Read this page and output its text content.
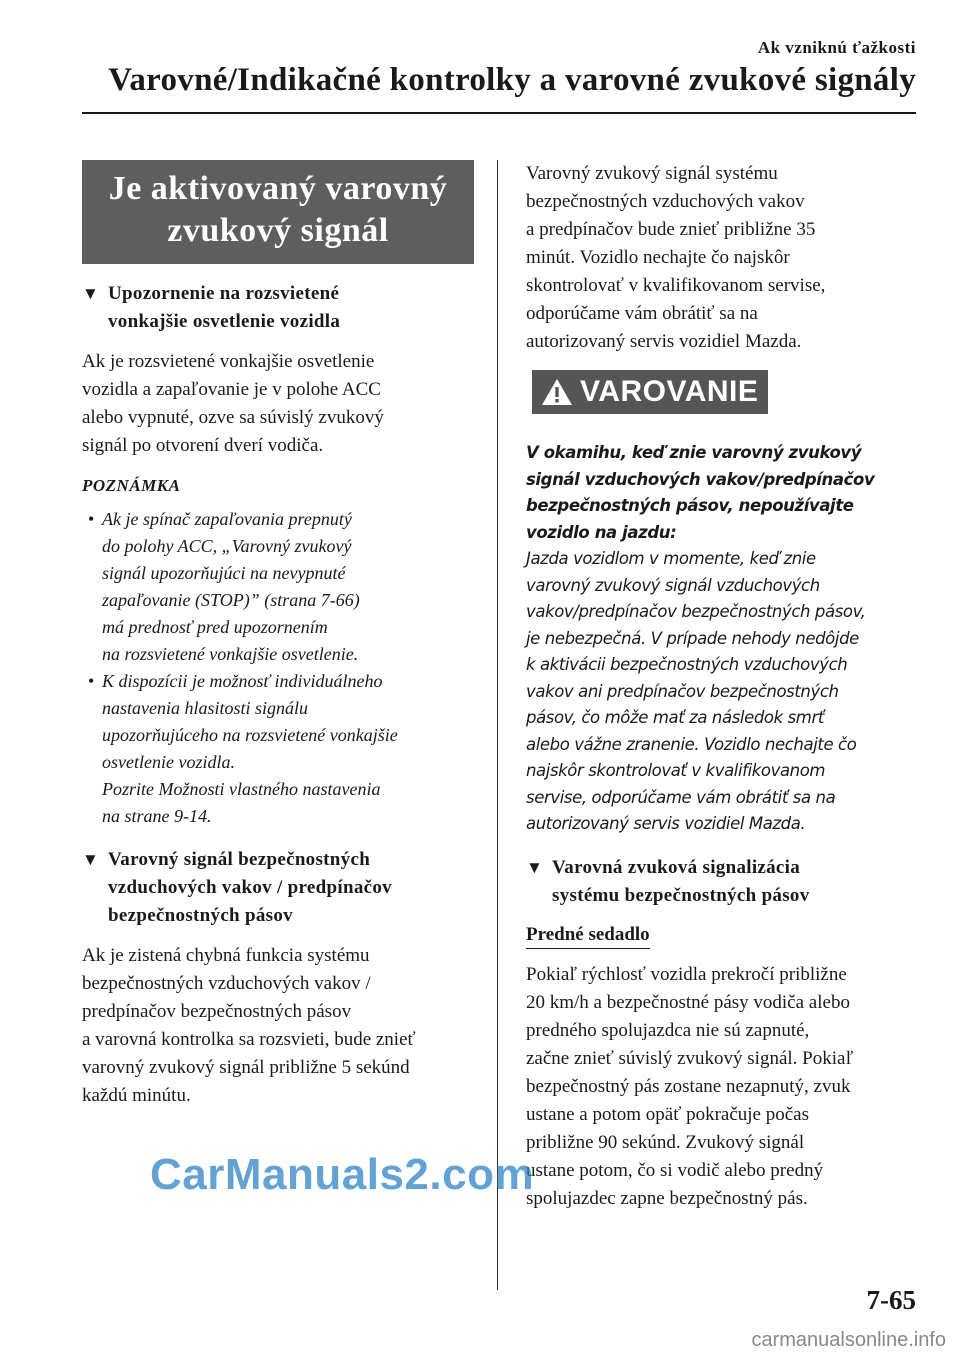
Ak vzniknú ťažkosti
Varovné/Indikačné kontrolky a varovné zvukové signály
Je aktivovaný varovný
zvukový signál
▼ Upozornenie na rozsvietené
vonkajšie osvetlenie vozidla

Ak je rozsvietené vonkajšie osvetlenie
vozidla a zapaľovanie je v polohe ACC
alebo vypnuté, ozve sa súvislý zvukový
signál po otvorení dverí vodiča.

POZNÁMKA
• Ak je spínač zapaľovania prepnutý
do polohy ACC, „Varovný zvukový
signál upozorňujúci na nevypnuté
zapaľovanie (STOP)” (strana 7-66)
má prednosť pred upozornením
na rozsvietené vonkajšie osvetlenie.
• K dispozícii je možnosť individuálneho
nastavenia hlasitosti signálu
upozorňujúceho na rozsvietené vonkajšie
osvetlenie vozidla.
Pozrite Možnosti vlastného nastavenia
na strane 9-14.
▼ Varovný signál bezpečnostných
vzduchových vakov / predpínačov
bezpečnostných pásov

Ak je zistená chybná funkcia systému
bezpečnostných vzduchových vakov /
predpínačov bezpečnostných pásov
a varovná kontrolka sa rozsvieti, bude znieť
varovný zvukový signál približne 5 sekúnd
každú minútu.

Varovný zvukový signál systému
bezpečnostných vzduchových vakov
a predpínačov bude znieť približne 35
minút. Vozidlo nechajte čo najskôr
skontrolovať v kvalifikovanom servise,
odporúčame vám obrátiť sa na
autorizovaný servis vozidiel Mazda.

VAROVANIE
V okamihu, keď znie varovný zvukový
signál vzduchových vakov/predpínačov
bezpečnostných pásov, nepoužívajte
vozidlo na jazdu:
Jazda vozidlom v momente, keď znie
varovný zvukový signál vzduchových
vakov/predpínačov bezpečnostných pásov,
je nebezpečná. V prípade nehody nedôjde
k aktivácii bezpečnostných vzduchových
vakov ani predpínačov bezpečnostných
pásov, čo môže mať za následok smrť
alebo vážne zranenie. Vozidlo nechajte čo
najskôr skontrolovať v kvalifikovanom
servise, odporúčame vám obrátiť sa na
autorizovaný servis vozidiel Mazda.
▼ Varovná zvuková signalizácia
systému bezpečnostných pásov
Predné sedadlo

Pokiaľ rýchlosť vozidla prekročí približne
20 km/h a bezpečnostné pásy vodiča alebo
predného spolujazdca nie sú zapnuté,
začne znieť súvislý zvukový signál. Pokiaľ
bezpečnostný pás zostane nezapnutý, zvuk
ustane a potom opäť pokračuje počas
približne 90 sekúnd. Zvukový signál
ustane potom, čo si vodič alebo predný
spolujazdec zapne bezpečnostný pás.

CarManuals2.com
7-65
carmanualsonline.info
